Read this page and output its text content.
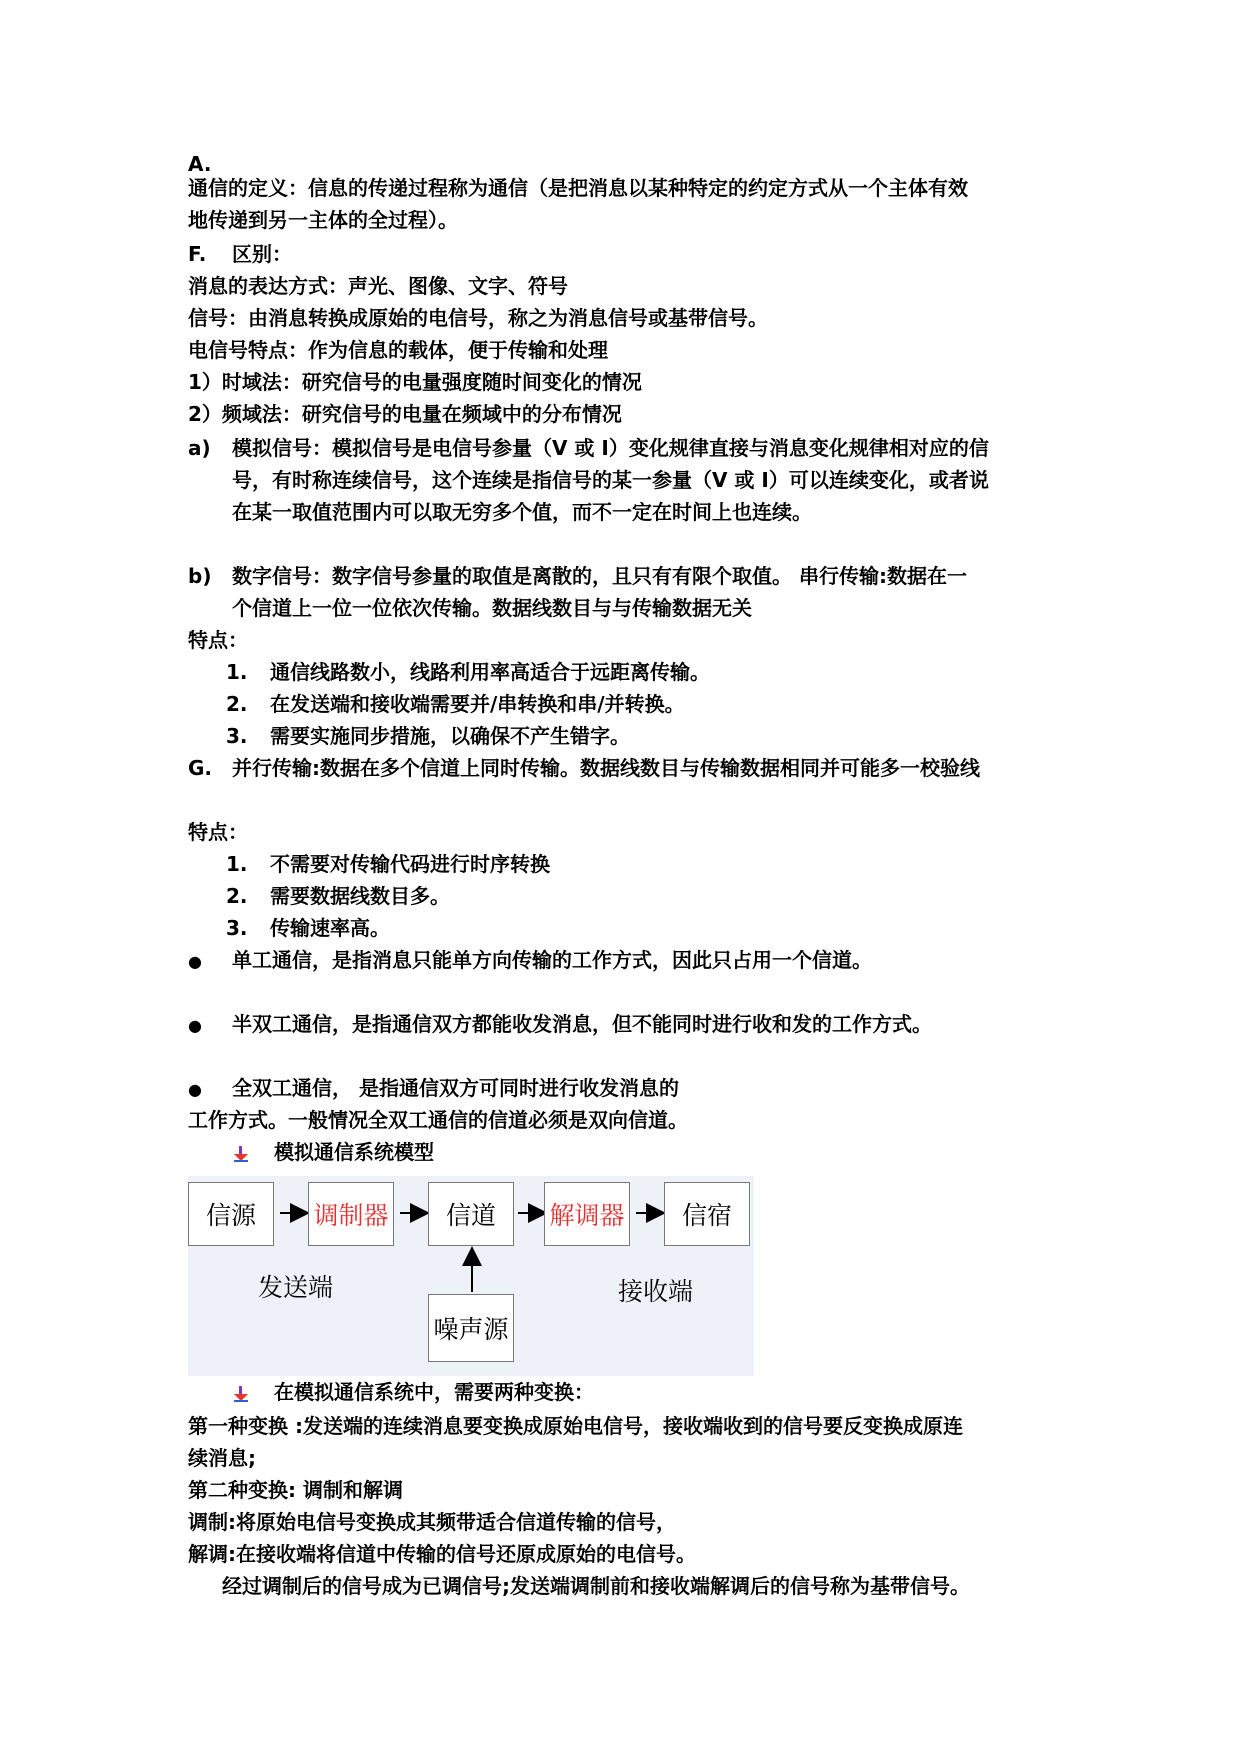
A.
通信的定义：信息的传递过程称为通信（是把消息以某种特定的约定方式从一个主体有效
地传递到另一主体的全过程）。
F. 区别：
消息的表达方式：声光、图像、文字、符号
信号：由消息转换成原始的电信号，称之为消息信号或基带信号。
电信号特点：作为信息的载体，便于传输和处理
1）时域法：研究信号的电量强度随时间变化的情况
2）频域法：研究信号的电量在频域中的分布情况
a) 模拟信号：模拟信号是电信号参量（V 或 I）变化规律直接与消息变化规律相对应的信
号，有时称连续信号，这个连续是指信号的某一参量（V 或 I）可以连续变化，或者说
在某一取值范围内可以取无穷多个值，而不一定在时间上也连续。
b) 数字信号：数字信号参量的取值是离散的，且只有有限个取值。 串行传输:数据在一
个信道上一位一位依次传输。数据线数目与与传输数据无关
特点：
1. 通信线路数小，线路利用率高适合于远距离传输。
2. 在发送端和接收端需要并/串转换和串/并转换。
3. 需要实施同步措施，以确保不产生错字。
G. 并行传输:数据在多个信道上同时传输。数据线数目与传输数据相同并可能多一校验线
特点：
1. 不需要对传输代码进行时序转换
2. 需要数据线数目多。
3. 传输速率高。
● 单工通信，是指消息只能单方向传输的工作方式，因此只占用一个信道。
● 半双工通信，是指通信双方都能收发消息，但不能同时进行收和发的工作方式。
● 全双工通信， 是指通信双方可同时进行收发消息的
工作方式。一般情况全双工通信的信道必须是双向信道。
模拟通信系统模型
信源	调制器	信道	解调器	信宿
噪声源
发送端	接收端
在模拟通信系统中，需要两种变换：
第一种变换 :发送端的连续消息要变换成原始电信号，接收端收到的信号要反变换成原连
续消息;
第二种变换: 调制和解调
调制:将原始电信号变换成其频带适合信道传输的信号，
解调:在接收端将信道中传输的信号还原成原始的电信号。
经过调制后的信号成为已调信号;发送端调制前和接收端解调后的信号称为基带信号。
